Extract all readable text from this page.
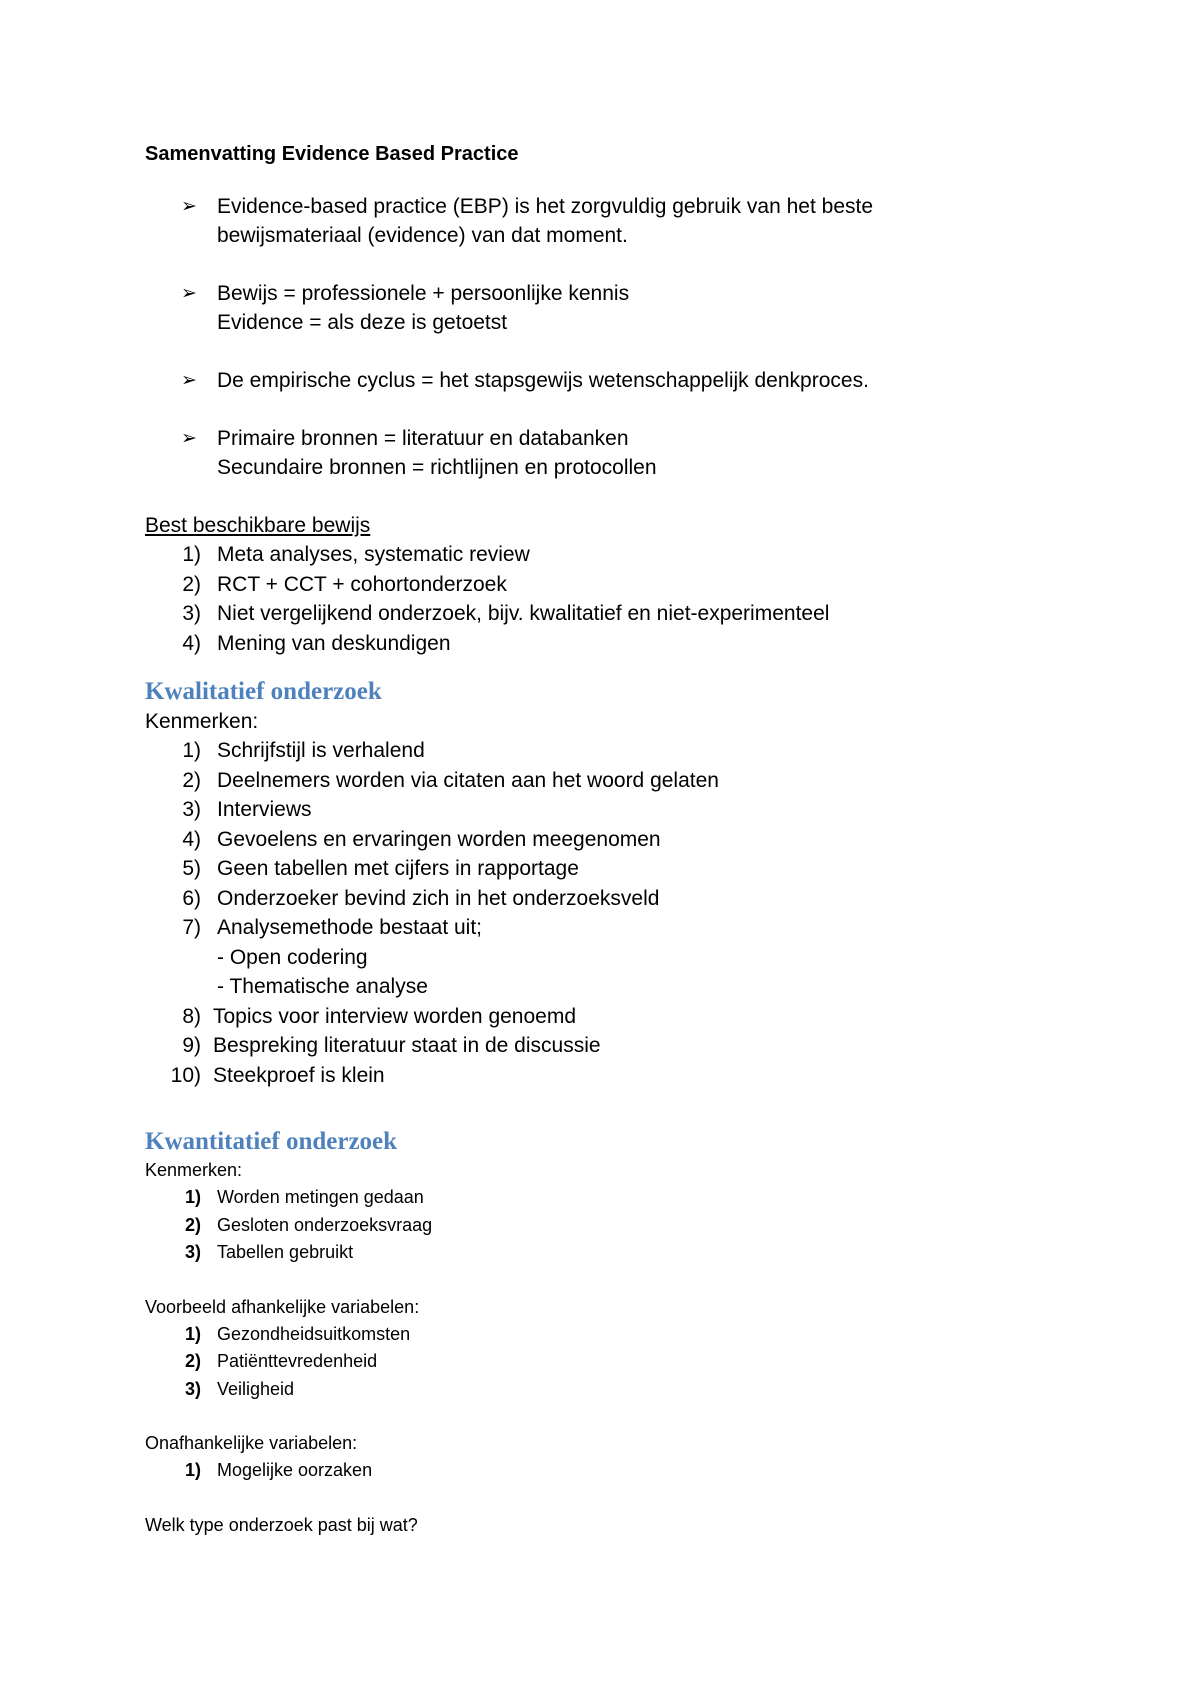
Samenvatting Evidence Based Practice
➢ Evidence-based practice (EBP) is het zorgvuldig gebruik van het beste
bewijsmateriaal (evidence) van dat moment.
➢ Bewijs = professionele + persoonlijke kennis
Evidence = als deze is getoetst
➢ De empirische cyclus = het stapsgewijs wetenschappelijk denkproces.
➢ Primaire bronnen = literatuur en databanken
Secundaire bronnen = richtlijnen en protocollen
Best beschikbare bewijs
1) Meta analyses, systematic review
2) RCT + CCT + cohortonderzoek
3) Niet vergelijkend onderzoek, bijv. kwalitatief en niet-experimenteel
4) Mening van deskundigen
Kwalitatief onderzoek
Kenmerken:
1) Schrijfstijl is verhalend
2) Deelnemers worden via citaten aan het woord gelaten
3) Interviews
4) Gevoelens en ervaringen worden meegenomen
5) Geen tabellen met cijfers in rapportage
6) Onderzoeker bevind zich in het onderzoeksveld
7) Analysemethode bestaat uit;
- Open codering
- Thematische analyse
8) Topics voor interview worden genoemd
9) Bespreking literatuur staat in de discussie
10) Steekproef is klein
Kwantitatief onderzoek
Kenmerken:
1) Worden metingen gedaan
2) Gesloten onderzoeksvraag
3) Tabellen gebruikt
Voorbeeld afhankelijke variabelen:
1) Gezondheidsuitkomsten
2) Patiënttevredenheid
3) Veiligheid
Onafhankelijke variabelen:
1) Mogelijke oorzaken
Welk type onderzoek past bij wat?
